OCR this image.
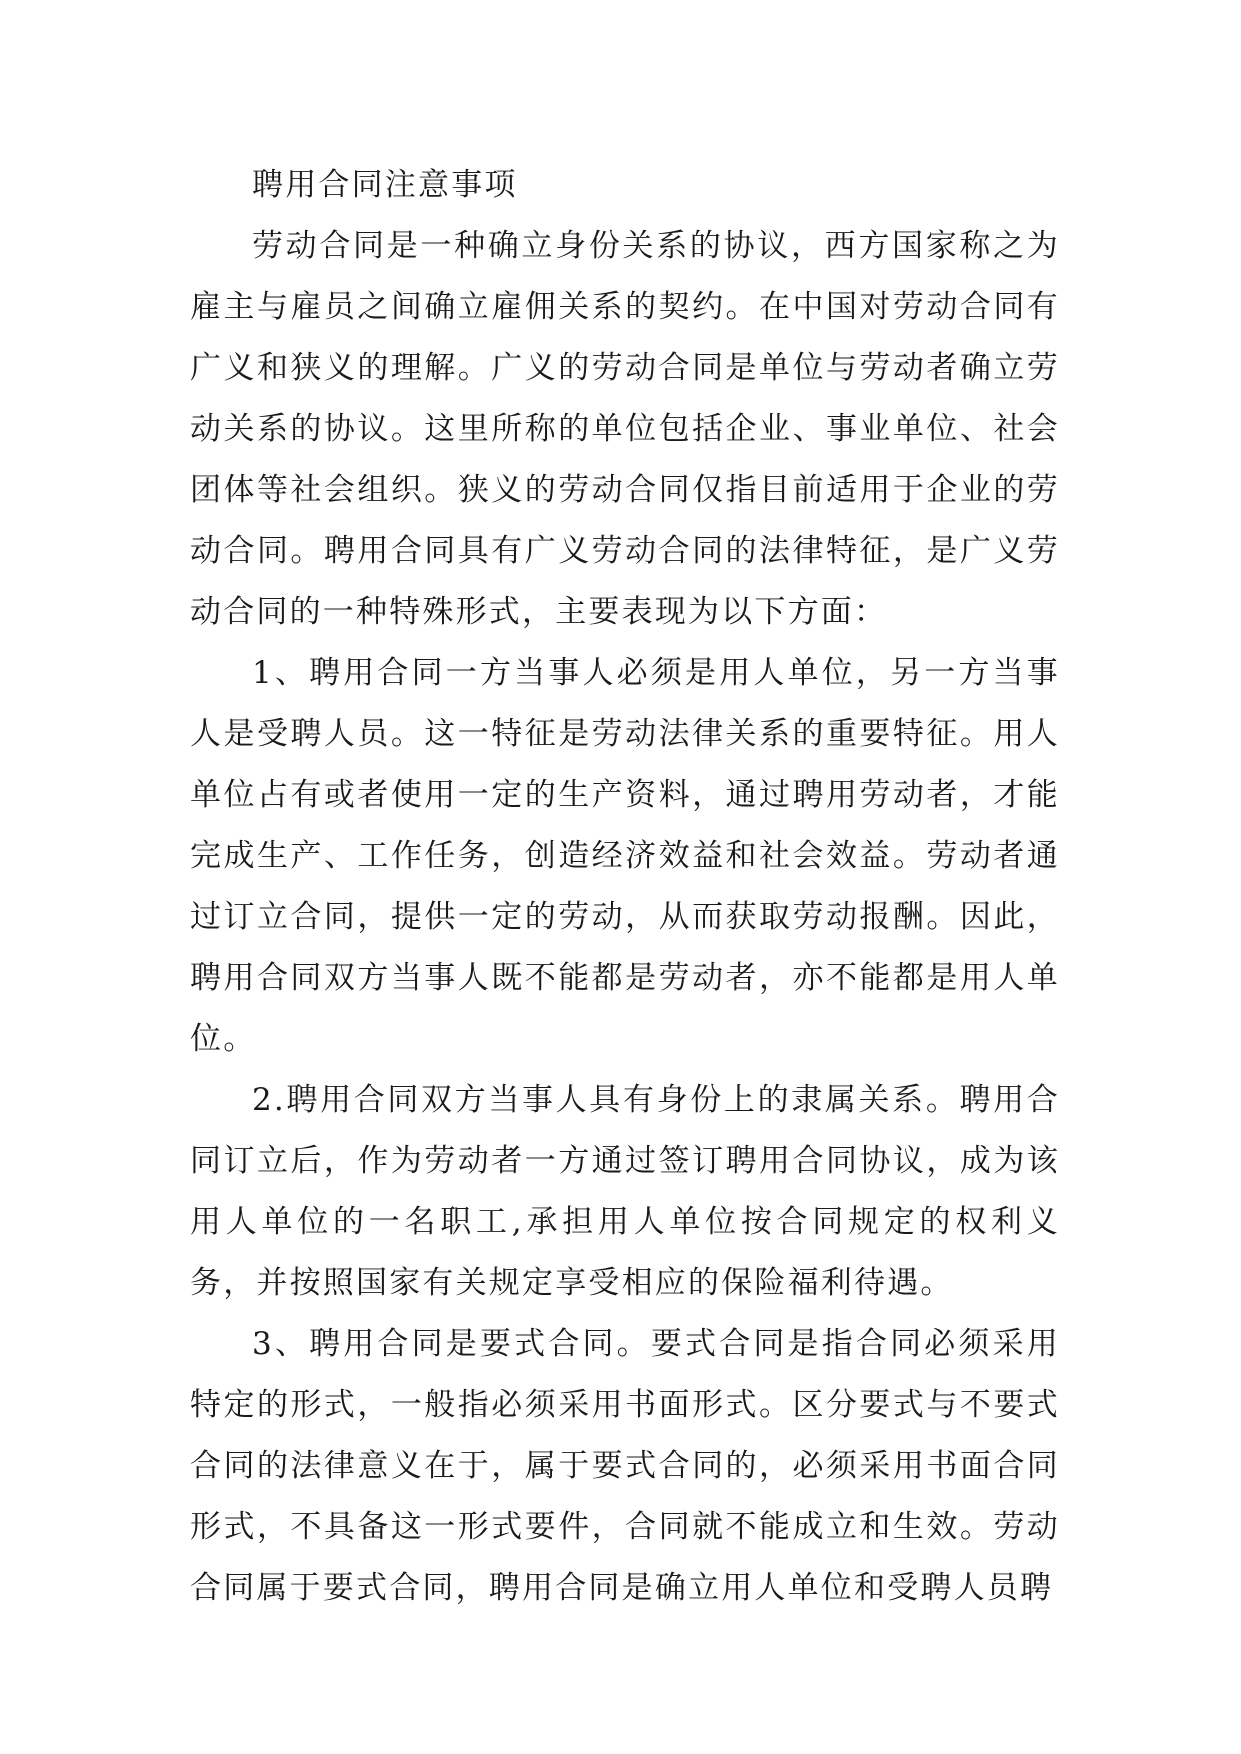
聘用合同注意事项

劳动合同是一种确立身份关系的协议，西方国家称之为雇主与雇员之间确立雇佣关系的契约。在中国对劳动合同有广义和狭义的理解。广义的劳动合同是单位与劳动者确立劳动关系的协议。这里所称的单位包括企业、事业单位、社会团体等社会组织。狭义的劳动合同仅指目前适用于企业的劳动合同。聘用合同具有广义劳动合同的法律特征，是广义劳动合同的一种特殊形式，主要表现为以下方面：

1、聘用合同一方当事人必须是用人单位，另一方当事人是受聘人员。这一特征是劳动法律关系的重要特征。用人单位占有或者使用一定的生产资料，通过聘用劳动者，才能完成生产、工作任务，创造经济效益和社会效益。劳动者通过订立合同，提供一定的劳动，从而获取劳动报酬。因此，聘用合同双方当事人既不能都是劳动者，亦不能都是用人单位。

2.聘用合同双方当事人具有身份上的隶属关系。聘用合同订立后，作为劳动者一方通过签订聘用合同协议，成为该用人单位的一名职工,承担用人单位按合同规定的权利义务，并按照国家有关规定享受相应的保险福利待遇。

3、聘用合同是要式合同。要式合同是指合同必须采用特定的形式，一般指必须采用书面形式。区分要式与不要式合同的法律意义在于，属于要式合同的，必须采用书面合同形式，不具备这一形式要件，合同就不能成立和生效。劳动合同属于要式合同，聘用合同是确立用人单位和受聘人员聘
